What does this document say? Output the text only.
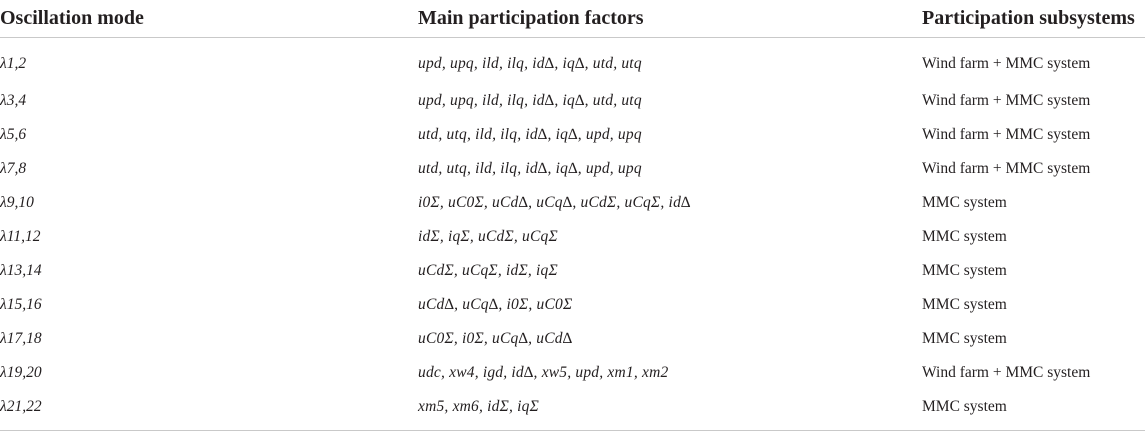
Oscillation mode	Main participation factors	Participation subsystems
λ1,2	upd, upq, ild, ilq, id∆, iq∆, utd, utq	Wind farm + MMC system
λ3,4	upd, upq, ild, ilq, id∆, iq∆, utd, utq	Wind farm + MMC system
λ5,6	utd, utq, ild, ilq, id∆, iq∆, upd, upq	Wind farm + MMC system
λ7,8	utd, utq, ild, ilq, id∆, iq∆, upd, upq	Wind farm + MMC system
λ9,10	i0Σ, uC0Σ, uCd∆, uCq∆, uCdΣ, uCqΣ, id∆	MMC system
λ11,12	idΣ, iqΣ, uCdΣ, uCqΣ	MMC system
λ13,14	uCdΣ, uCqΣ, idΣ, iqΣ	MMC system
λ15,16	uCd∆, uCq∆, i0Σ, uC0Σ	MMC system
λ17,18	uC0Σ, i0Σ, uCq∆, uCd∆	MMC system
λ19,20	udc, xw4, igd, id∆, xw5, upd, xm1, xm2	Wind farm + MMC system
λ21,22	xm5, xm6, idΣ, iqΣ	MMC system
